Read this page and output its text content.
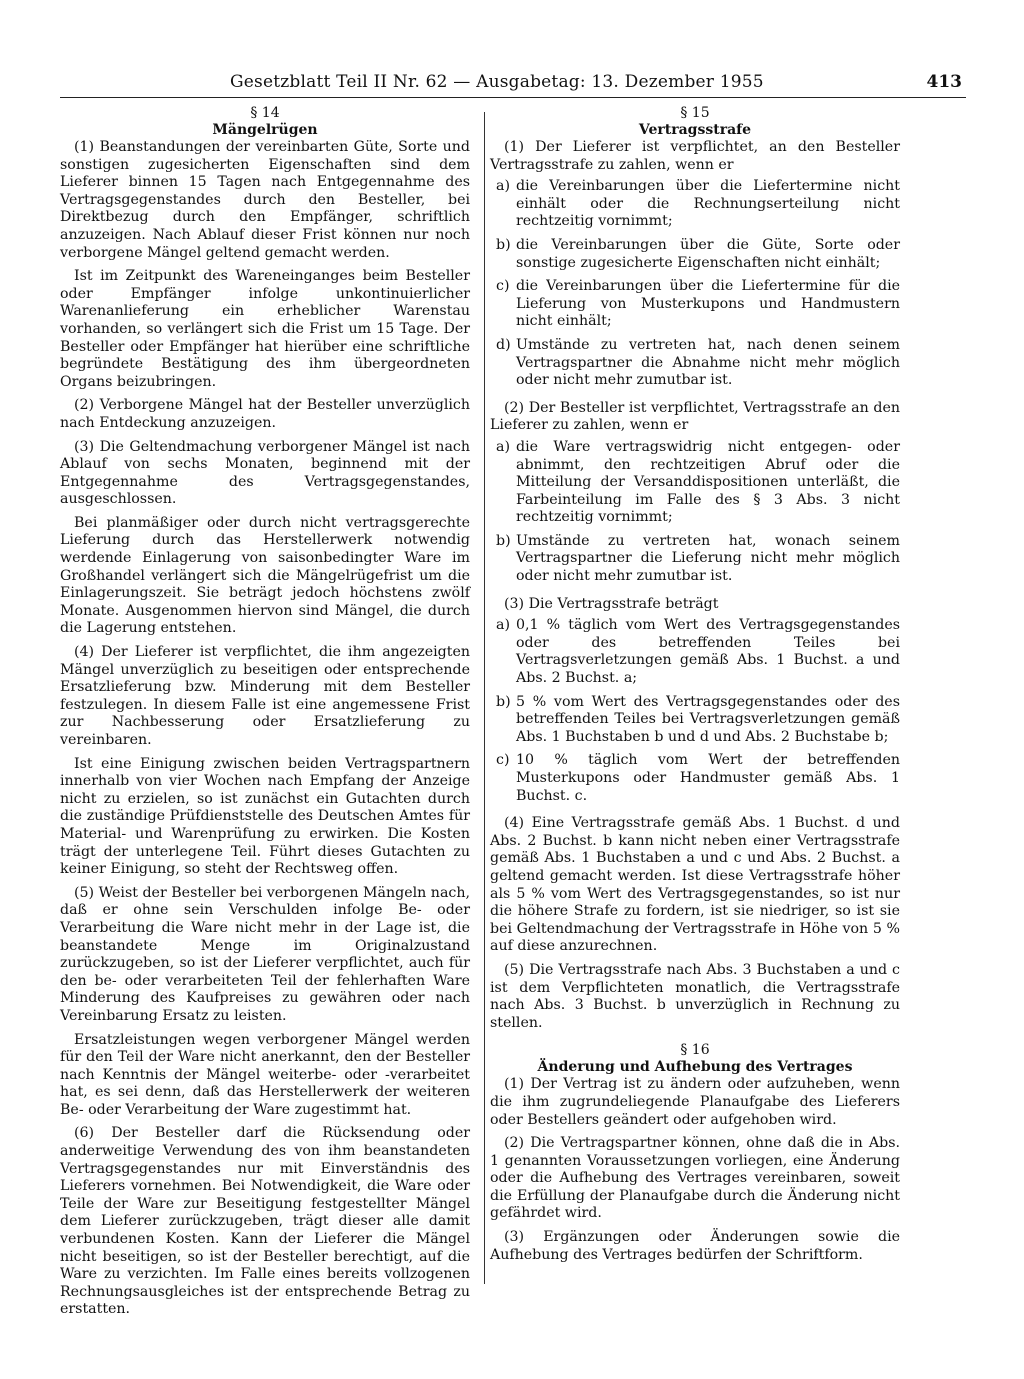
Gesetzblatt Teil II Nr. 62 — Ausgabetag: 13. Dezember 1955	413

§ 14

Mängelrügen

(1) Beanstandungen der vereinbarten Güte, Sorte und sonstigen zugesicherten Eigenschaften sind dem Lieferer binnen 15 Tagen nach Entgegennahme des Vertragsgegenstandes durch den Besteller, bei Direktbezug durch den Empfänger, schriftlich anzuzeigen. Nach Ablauf dieser Frist können nur noch verborgene Mängel geltend gemacht werden.

Ist im Zeitpunkt des Wareneinganges beim Besteller oder Empfänger infolge unkontinuierlicher Warenanlieferung ein erheblicher Warenstau vorhanden, so verlängert sich die Frist um 15 Tage. Der Besteller oder Empfänger hat hierüber eine schriftliche begründete Bestätigung des ihm übergeordneten Organs beizubringen.

(2) Verborgene Mängel hat der Besteller unverzüglich nach Entdeckung anzuzeigen.

(3) Die Geltendmachung verborgener Mängel ist nach Ablauf von sechs Monaten, beginnend mit der Entgegennahme des Vertragsgegenstandes, ausgeschlossen.

Bei planmäßiger oder durch nicht vertragsgerechte Lieferung durch das Herstellerwerk notwendig werdende Einlagerung von saisonbedingter Ware im Großhandel verlängert sich die Mängelrügefrist um die Einlagerungszeit. Sie beträgt jedoch höchstens zwölf Monate. Ausgenommen hiervon sind Mängel, die durch die Lagerung entstehen.

(4) Der Lieferer ist verpflichtet, die ihm angezeigten Mängel unverzüglich zu beseitigen oder entsprechende Ersatzlieferung bzw. Minderung mit dem Besteller festzulegen. In diesem Falle ist eine angemessene Frist zur Nachbesserung oder Ersatzlieferung zu vereinbaren.

Ist eine Einigung zwischen beiden Vertragspartnern innerhalb von vier Wochen nach Empfang der Anzeige nicht zu erzielen, so ist zunächst ein Gutachten durch die zuständige Prüfdienststelle des Deutschen Amtes für Material- und Warenprüfung zu erwirken. Die Kosten trägt der unterlegene Teil. Führt dieses Gutachten zu keiner Einigung, so steht der Rechtsweg offen.

(5) Weist der Besteller bei verborgenen Mängeln nach, daß er ohne sein Verschulden infolge Be- oder Verarbeitung die Ware nicht mehr in der Lage ist, die beanstandete Menge im Originalzustand zurückzugeben, so ist der Lieferer verpflichtet, auch für den be- oder verarbeiteten Teil der fehlerhaften Ware Minderung des Kaufpreises zu gewähren oder nach Vereinbarung Ersatz zu leisten.

Ersatzleistungen wegen verborgener Mängel werden für den Teil der Ware nicht anerkannt, den der Besteller nach Kenntnis der Mängel weiterbe- oder -verarbeitet hat, es sei denn, daß das Herstellerwerk der weiteren Be- oder Verarbeitung der Ware zugestimmt hat.

(6) Der Besteller darf die Rücksendung oder anderweitige Verwendung des von ihm beanstandeten Vertragsgegenstandes nur mit Einverständnis des Lieferers vornehmen. Bei Notwendigkeit, die Ware oder Teile der Ware zur Beseitigung festgestellter Mängel dem Lieferer zurückzugeben, trägt dieser alle damit verbundenen Kosten. Kann der Lieferer die Mängel nicht beseitigen, so ist der Besteller berechtigt, auf die Ware zu verzichten. Im Falle eines bereits vollzogenen Rechnungsausgleiches ist der entsprechende Betrag zu erstatten.

§ 15

Vertragsstrafe

(1) Der Lieferer ist verpflichtet, an den Besteller Vertragsstrafe zu zahlen, wenn er

a) die Vereinbarungen über die Liefertermine nicht einhält oder die Rechnungserteilung nicht rechtzeitig vornimmt;
b) die Vereinbarungen über die Güte, Sorte oder sonstige zugesicherte Eigenschaften nicht einhält;
c) die Vereinbarungen über die Liefertermine für die Lieferung von Musterkupons und Handmustern nicht einhält;
d) Umstände zu vertreten hat, nach denen seinem Vertragspartner die Abnahme nicht mehr möglich oder nicht mehr zumutbar ist.

(2) Der Besteller ist verpflichtet, Vertragsstrafe an den Lieferer zu zahlen, wenn er

a) die Ware vertragswidrig nicht entgegen- oder abnimmt, den rechtzeitigen Abruf oder die Mitteilung der Versanddispositionen unterläßt, die Farbeinteilung im Falle des § 3 Abs. 3 nicht rechtzeitig vornimmt;
b) Umstände zu vertreten hat, wonach seinem Vertragspartner die Lieferung nicht mehr möglich oder nicht mehr zumutbar ist.

(3) Die Vertragsstrafe beträgt

a) 0,1 % täglich vom Wert des Vertragsgegenstandes oder des betreffenden Teiles bei Vertragsverletzungen gemäß Abs. 1 Buchst. a und Abs. 2 Buchst. a;
b) 5 % vom Wert des Vertragsgegenstandes oder des betreffenden Teiles bei Vertragsverletzungen gemäß Abs. 1 Buchstaben b und d und Abs. 2 Buchstabe b;
c) 10 % täglich vom Wert der betreffenden Musterkupons oder Handmuster gemäß Abs. 1 Buchst. c.

(4) Eine Vertragsstrafe gemäß Abs. 1 Buchst. d und Abs. 2 Buchst. b kann nicht neben einer Vertragsstrafe gemäß Abs. 1 Buchstaben a und c und Abs. 2 Buchst. a geltend gemacht werden. Ist diese Vertragsstrafe höher als 5 % vom Wert des Vertragsgegenstandes, so ist nur die höhere Strafe zu fordern, ist sie niedriger, so ist sie bei Geltendmachung der Vertragsstrafe in Höhe von 5 % auf diese anzurechnen.

(5) Die Vertragsstrafe nach Abs. 3 Buchstaben a und c ist dem Verpflichteten monatlich, die Vertragsstrafe nach Abs. 3 Buchst. b unverzüglich in Rechnung zu stellen.

§ 16

Änderung und Aufhebung des Vertrages

(1) Der Vertrag ist zu ändern oder aufzuheben, wenn die ihm zugrundeliegende Planaufgabe des Lieferers oder Bestellers geändert oder aufgehoben wird.

(2) Die Vertragspartner können, ohne daß die in Abs. 1 genannten Voraussetzungen vorliegen, eine Änderung oder die Aufhebung des Vertrages vereinbaren, soweit die Erfüllung der Planaufgabe durch die Änderung nicht gefährdet wird.

(3) Ergänzungen oder Änderungen sowie die Aufhebung des Vertrages bedürfen der Schriftform.
